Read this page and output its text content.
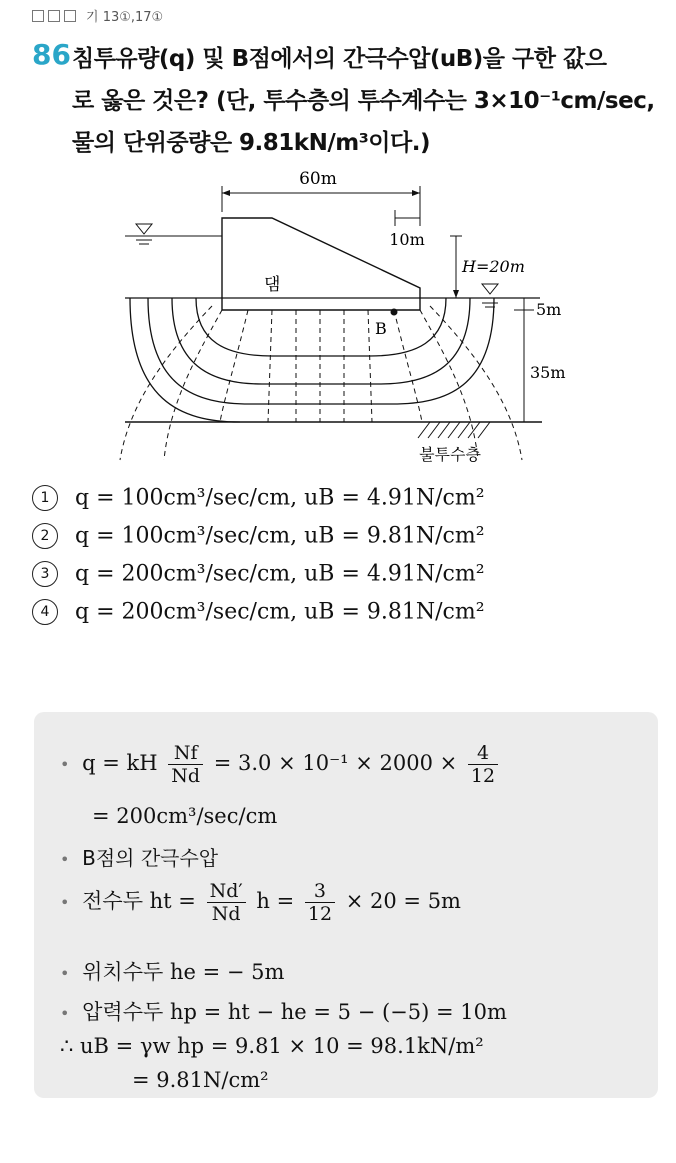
기 13①,17①
86 침투유량(q) 및 B점에서의 간극수압(uB)을 구한 값으
로 옳은 것은? (단, 투수층의 투수계수는 3×10⁻¹cm/sec,
물의 단위중량은 9.81kN/m³이다.)
60m
10m
댐
H=20m
5m
35m
불투수층
B
1 q = 100cm³/sec/cm, uB = 4.91N/cm²
2 q = 100cm³/sec/cm, uB = 9.81N/cm²
3 q = 200cm³/sec/cm, uB = 4.91N/cm²
4 q = 200cm³/sec/cm, uB = 9.81N/cm²
• q = kH $\frac{Nf}{Nd} = 3.0 \times 10^{-1} \times 2000 \times \frac{4}{12}$
= 200cm³/sec/cm
• B점의 간극수압
• 전수두 ht = $\frac{Nd'}{Nd}$ $h = \frac{3}{12} \times 20 = 5m$
• 위치수두 he = − 5m
• 압력수두 hp = ht − he = 5 − (−5) = 10m
∴ uB = γw hp = 9.81 × 10 = 98.1kN/m²
= 9.81N/cm²
